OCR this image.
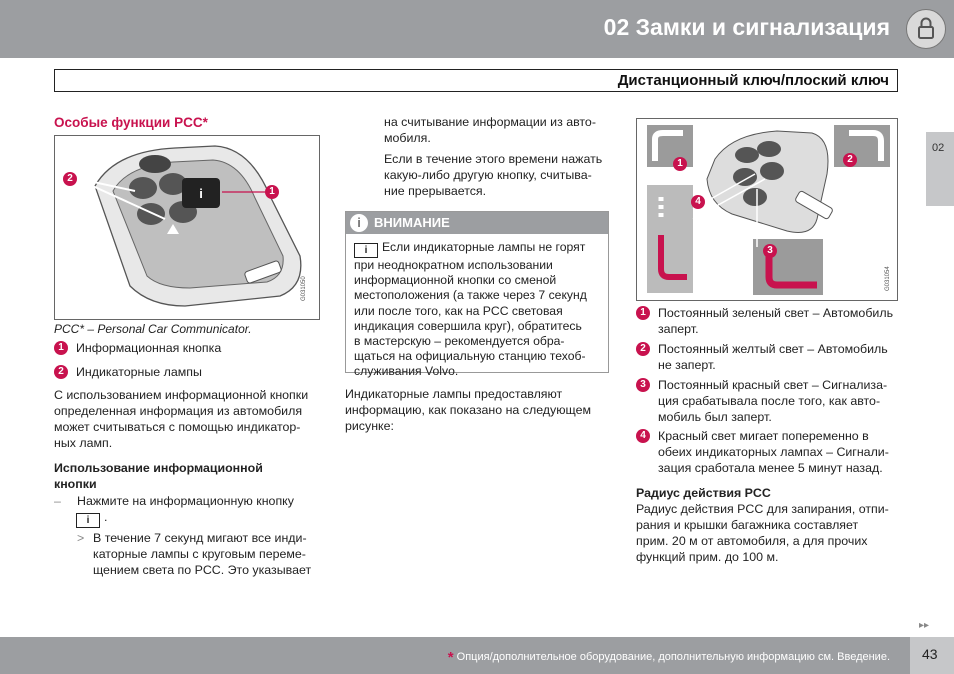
02 Замки и сигнализация
Дистанционный ключ/плоский ключ
02
Особые функции PCC*
i
G031050
2
1
PCC* – Personal Car Communicator.
1 Информационная кнопка
2 Индикаторные лампы
С использованием информационной кнопки
определенная информация из автомобиля
может считываться с помощью индикатор-
ных ламп.
Использование информационной
кнопки
– Нажмите на информационную кнопку
i .
> В течение 7 секунд мигают все инди-
каторные лампы с круговым переме-
щением света по PCC. Это указывает
на считывание информации из авто-
мобиля.
Если в течение этого времени нажать
какую-либо другую кнопку, считыва-
ние прерывается.
i	ВНИМАНИЕ
i Если индикаторные лампы не горят
при неоднократном использовании
информационной кнопки со сменой
местоположения (а также через 7 секунд
или после того, как на PCC световая
индикация совершила круг), обратитесь
в мастерскую – рекомендуется обра-
щаться на официальную станцию техоб-
служивания Volvo.
Индикаторные лампы предоставляют
информацию, как показано на следующем
рисунке:
G031054
1	2
3
4
1 Постоянный зеленый свет – Автомобиль
заперт.
2 Постоянный желтый свет – Автомобиль
не заперт.
3 Постоянный красный свет – Сигнализа-
ция срабатывала после того, как авто-
мобиль был заперт.
4 Красный свет мигает попеременно в
обеих индикаторных лампах – Сигнали-
зация сработала менее 5 минут назад.
Радиус действия PCC
Радиус действия PCC для запирания, отпи-
рания и крышки багажника составляет
прим. 20 м от автомобиля, а для прочих
функций прим. до 100 м.
▸▸
* Опция/дополнительное оборудование, дополнительную информацию см. Введение. 43
